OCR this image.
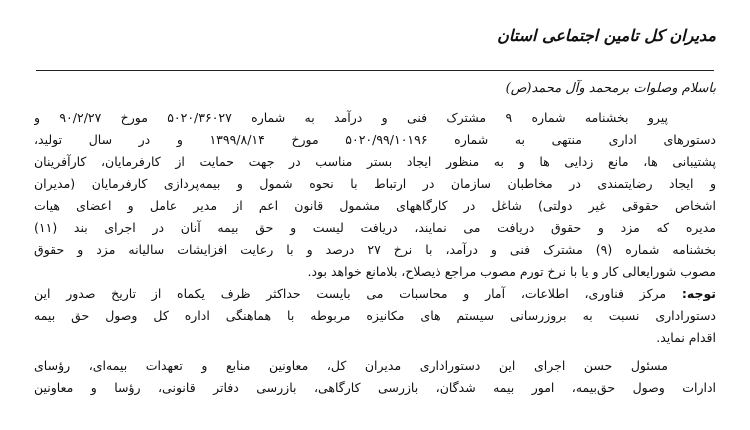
مدیران کل تامین اجتماعی استان
باسلام وصلوات برمحمد وآل محمد(ص)
پیرو بخشنامه شماره ۹ مشترک فنی و درآمد به شماره ۵۰۲۰/۳۶۰۲۷ مورخ ۹۰/۲/۲۷ و
دستورهای اداری منتهی به شماره ۵۰۲۰/۹۹/۱۰۱۹۶ مورخ ۱۳۹۹/۸/۱۴ و در سال تولید،
پشتیبانی ها، مانع زدایی ها و به منظور ایجاد بستر مناسب در جهت حمایت از کارفرمایان، کارآفرینان
و ایجاد رضایتمندی در مخاطبان سازمان در ارتباط با نحوه شمول و بیمه‌پردازی کارفرمایان (مدیران
اشخاص حقوقی غیر دولتی) شاغل در کارگاههای مشمول قانون اعم از مدیر عامل و اعضای هیات
مدیره که مزد و حقوق دریافت می نمایند، دریافت لیست و حق بیمه آنان در اجرای بند (۱۱)
بخشنامه شماره (۹) مشترک فنی و درآمد، با نرخ ۲۷ درصد و با رعایت افزایشات سالیانه مزد و حقوق
مصوب شورایعالی کار و یا با نرخ تورم مصوب مراجع ذیصلاح، بلامانع خواهد بود.
توجه: مرکز فناوری، اطلاعات، آمار و محاسبات می بایست حداکثر ظرف یکماه از تاریخ صدور این
دستوراداری نسبت به بروزرسانی سیستم های مکانیزه مربوطه با هماهنگی اداره کل وصول حق بیمه
اقدام نماید.
مسئول حسن اجرای این دستوراداری مدیران کل، معاونین منابع و تعهدات بیمه‌ای، رؤسای
ادارات وصول حق‌بیمه، امور بیمه شدگان، بازرسی کارگاهی، بازرسی دفاتر قانونی، رؤسا و معاونین
